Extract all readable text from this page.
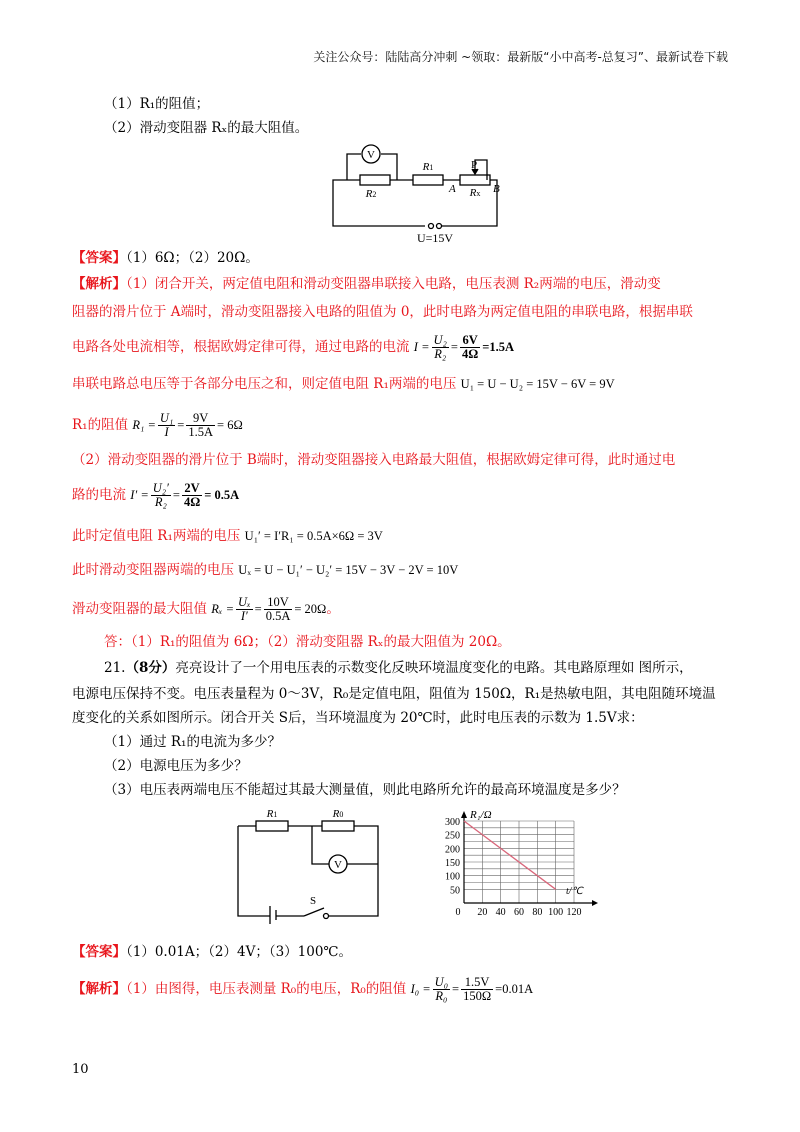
关注公众号：陆陆高分冲刺 ~领取：最新版“小中高考-总复习”、最新试卷下载
（1）R₁的阻值；
（2）滑动变阻器 Rₓ的最大阻值。
V
R2
R1	P
A Rx B
U=15V
【答案】（1）6Ω；（2）20Ω。
【解析】（1）闭合开关，两定值电阻和滑动变阻器串联接入电路，电压表测 R₂两端的电压，滑动变
阻器的滑片位于 A端时，滑动变阻器接入电路的阻值为 0，此时电路为两定值电阻的串联电路，根据串联
电路各处电流相等，根据欧姆定律可得，通过电路的电流 $I = \frac{\text{U₂}}{\text{R₂}} = \frac{6V}{4\Omega} =1.5A$
串联电路总电压等于各部分电压之和，则定值电阻 R₁两端的电压 U₁ = U − U₂ = 15V − 6V = 9V
R₁的阻值 $R_1 = \frac{\text{U₁}}{I} = \frac{9V}{1.5A} = 6\Omega$
（2）滑动变阻器的滑片位于 B端时，滑动变阻器接入电路最大阻值，根据欧姆定律可得，此时通过电
路的电流 $I' = \frac{\text{U₂′}}{\text{R₂}} = \frac{2V}{4\Omega} = 0.5A$
此时定值电阻 R₁两端的电压 U₁′ = I′R₁ = 0.5A×6Ω = 3V
此时滑动变阻器两端的电压 Uₓ = U − U₁′ − U₂′ = 15V − 3V − 2V = 10V
滑动变阻器的最大阻值 $R_x = \frac{\text{Uₓ}}{I'} = \frac{10V}{0.5A} = 20\Omega$。
答：（1）R₁的阻值为 6Ω；（2）滑动变阻器 Rₓ的最大阻值为 20Ω。
21.（8分）亮亮设计了一个用电压表的示数变化反映环境温度变化的电路。其电路原理如 图所示，
电源电压保持不变。电压表量程为 0～3V，R₀是定值电阻，阻值为 150Ω，R₁是热敏电阻，其电阻随环境温
度变化的关系如图所示。闭合开关 S后，当环境温度为 20℃时，此时电压表的示数为 1.5V求：
（1）通过 R₁的电流为多少？
（2）电源电压为多少？
（3）电压表两端电压不能超过其最大测量值，则此电路所允许的最高环境温度是多少？
R1	R0
V
S
300
250
200
150
100
50
0 20 40 60 80 100 120
R₁/Ω
t/℃
【答案】（1）0.01A；（2）4V；（3）100℃。
【解析】（1）由图得，电压表测量 R₀的电压，R₀的阻值 $I_0 = \frac{\text{U₀}}{\text{R₀}} = \frac{1.5V}{150\Omega} =0.01A$
10
